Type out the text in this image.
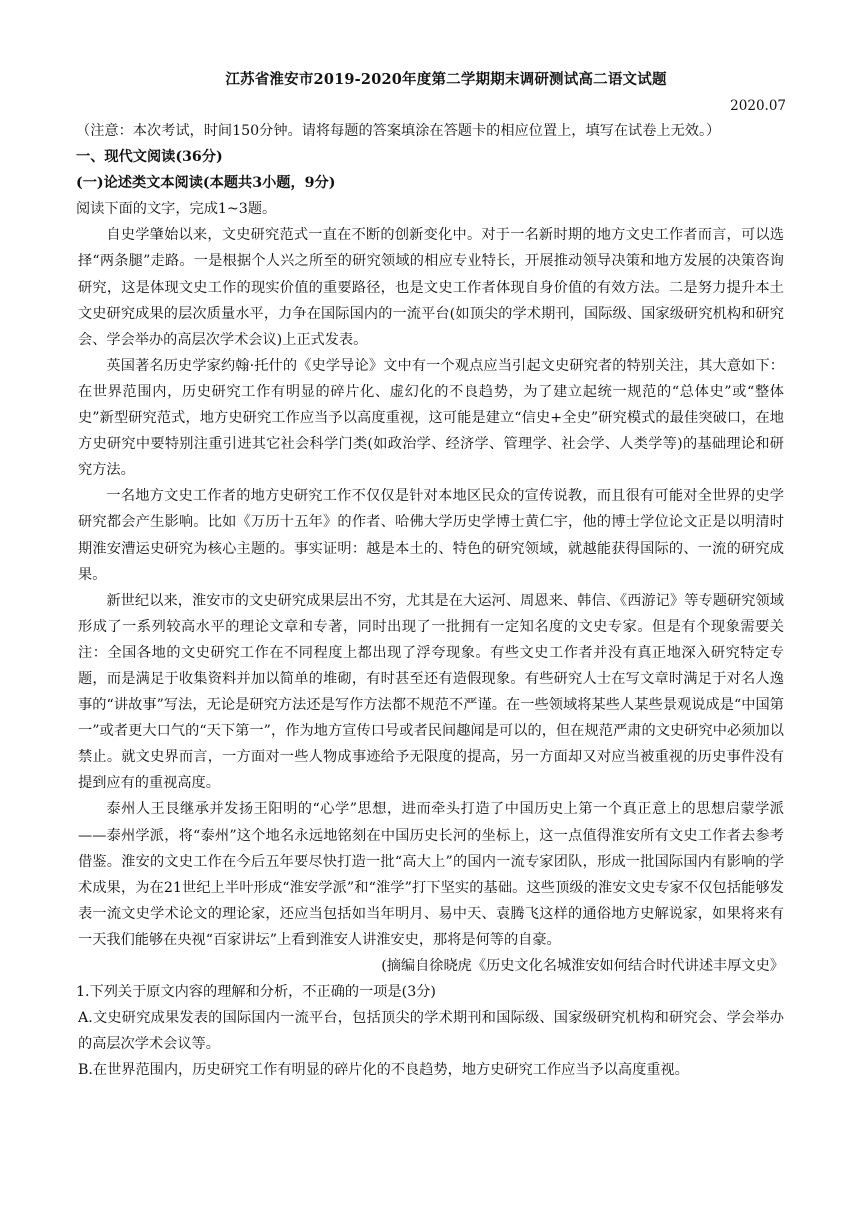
江苏省淮安市2019-2020年度第二学期期末调研测试高二语文试题
2020.07
（注意：本次考试，时间150分钟。请将每题的答案填涂在答题卡的相应位置上，填写在试卷上无效。）
一、现代文阅读(36分)
(一)论述类文本阅读(本题共3小题，9分)
阅读下面的文字，完成1~3题。

自史学肇始以来，文史研究范式一直在不断的创新变化中。对于一名新时期的地方文史工作者而言，可以选择“两条腿”走路。一是根据个人兴之所至的研究领域的相应专业特长，开展推动领导决策和地方发展的决策咨询研究，这是体现文史工作的现实价值的重要路径，也是文史工作者体现自身价值的有效方法。二是努力提升本土文史研究成果的层次质量水平，力争在国际国内的一流平台(如顶尖的学术期刊，国际级、国家级研究机构和研究会、学会举办的高层次学术会议)上正式发表。

英国著名历史学家约翰·托什的《史学导论》文中有一个观点应当引起文史研究者的特别关注，其大意如下：在世界范围内，历史研究工作有明显的碎片化、虚幻化的不良趋势，为了建立起统一规范的“总体史”或“整体史”新型研究范式，地方史研究工作应当予以高度重视，这可能是建立“信史+全史”研究模式的最佳突破口，在地方史研究中要特别注重引进其它社会科学门类(如政治学、经济学、管理学、社会学、人类学等)的基础理论和研究方法。

一名地方文史工作者的地方史研究工作不仅仅是针对本地区民众的宣传说教，而且很有可能对全世界的史学研究都会产生影响。比如《万历十五年》的作者、哈佛大学历史学博士黄仁宇，他的博士学位论文正是以明清时期淮安漕运史研究为核心主题的。事实证明：越是本土的、特色的研究领域，就越能获得国际的、一流的研究成果。

新世纪以来，淮安市的文史研究成果层出不穷，尤其是在大运河、周恩来、韩信、《西游记》等专题研究领域形成了一系列较高水平的理论文章和专著，同时出现了一批拥有一定知名度的文史专家。但是有个现象需要关注：全国各地的文史研究工作在不同程度上都出现了浮夸现象。有些文史工作者并没有真正地深入研究特定专题，而是满足于收集资料并加以简单的堆砌，有时甚至还有造假现象。有些研究人士在写文章时满足于对名人逸事的“讲故事”写法，无论是研究方法还是写作方法都不规范不严谨。在一些领域将某些人某些景观说成是“中国第一”或者更大口气的“天下第一”，作为地方宣传口号或者民间趣闻是可以的，但在规范严肃的文史研究中必须加以禁止。就文史界而言，一方面对一些人物成事迹给予无限度的提高，另一方面却又对应当被重视的历史事件没有提到应有的重视高度。

泰州人王艮继承并发扬王阳明的“心学”思想，进而牵头打造了中国历史上第一个真正意上的思想启蒙学派——泰州学派，将“泰州”这个地名永远地铭刻在中国历史长河的坐标上，这一点值得淮安所有文史工作者去参考借鉴。淮安的文史工作在今后五年要尽快打造一批“高大上”的国内一流专家团队，形成一批国际国内有影响的学术成果，为在21世纪上半叶形成“淮安学派”和“淮学”打下坚实的基础。这些顶级的淮安文史专家不仅包括能够发表一流文史学术论文的理论家，还应当包括如当年明月、易中天、袁腾飞这样的通俗地方史解说家，如果将来有一天我们能够在央视“百家讲坛”上看到淮安人讲淮安史，那将是何等的自豪。

(摘编自徐晓虎《历史文化名城淮安如何结合时代讲述丰厚文史》
1.下列关于原文内容的理解和分析，不正确的一项是(3分)

A.文史研究成果发表的国际国内一流平台，包括顶尖的学术期刊和国际级、国家级研究机构和研究会、学会举办的高层次学术会议等。

B.在世界范围内，历史研究工作有明显的碎片化的不良趋势，地方史研究工作应当予以高度重视。
